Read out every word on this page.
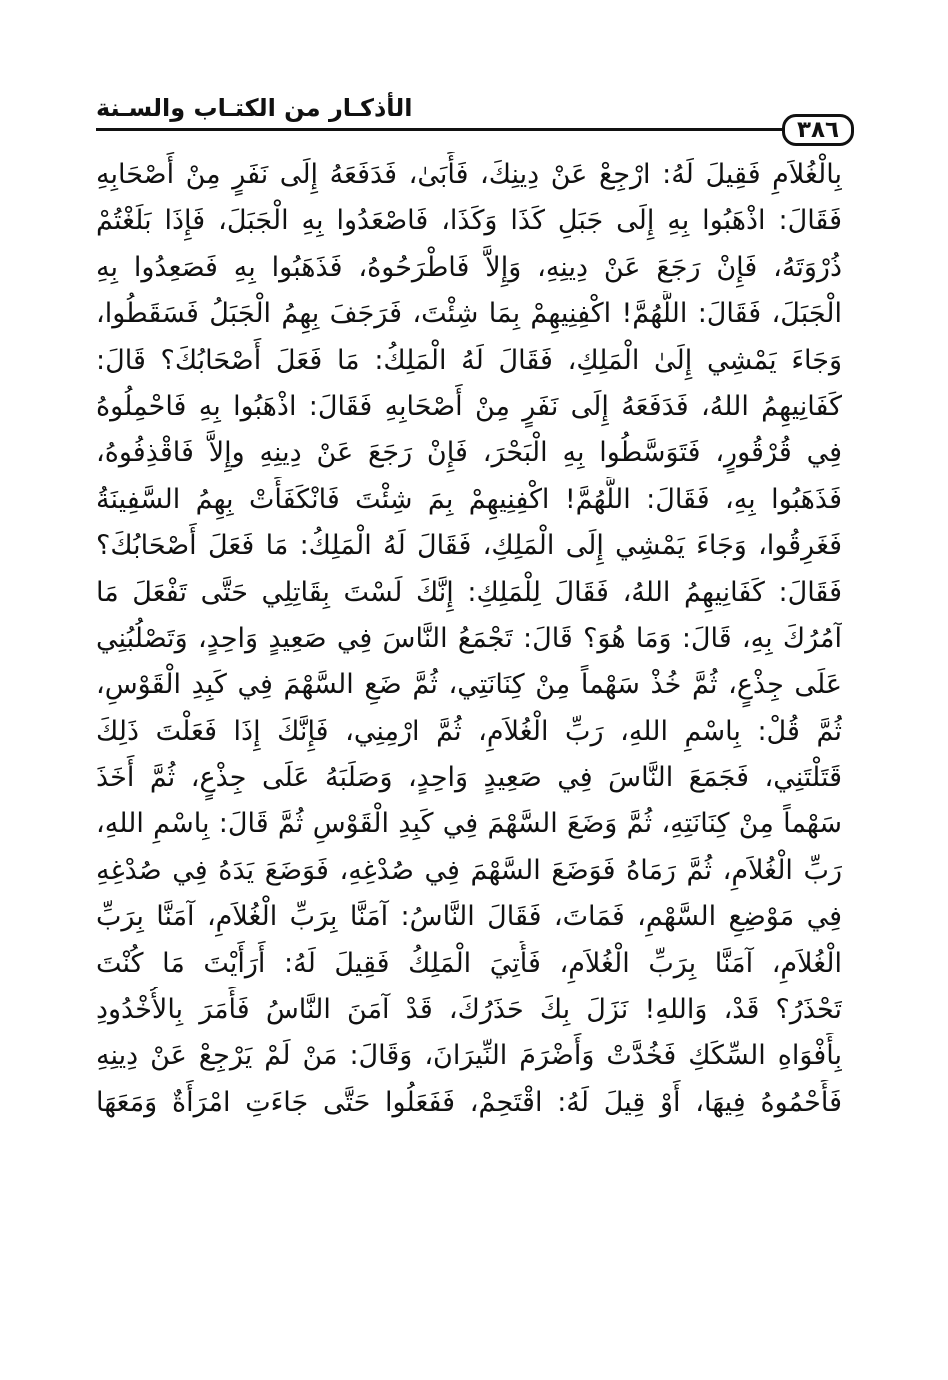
الأذكـار من الكتـاب والسـنة
٣٨٦
بِالْغُلاَمِ فَقِيلَ لَهُ: ارْجِعْ عَنْ دِينِكَ، فَأَبَىٰ، فَدَفَعَهُ إِلَى نَفَرٍ مِنْ أَصْحَابِهِ
فَقَالَ: اذْهَبُوا بِهِ إِلَى جَبَلِ كَذَا وَكَذَا، فَاصْعَدُوا بِهِ الْجَبَلَ، فَإِذَا بَلَغْتُمْ
ذُرْوَتَهُ، فَإِنْ رَجَعَ عَنْ دِينِهِ، وَإِلاَّ فَاطْرَحُوهُ، فَذَهَبُوا بِهِ فَصَعِدُوا بِهِ
الْجَبَلَ، فَقَالَ: اللَّهُمَّ! اكْفِنِيهِمْ بِمَا شِئْتَ، فَرَجَفَ بِهِمُ الْجَبَلُ فَسَقَطُوا،
وَجَاءَ يَمْشِي إِلَىٰ الْمَلِكِ، فَقَالَ لَهُ الْمَلِكُ: مَا فَعَلَ أَصْحَابُكَ؟ قَالَ:
كَفَانِيهِمُ اللهُ، فَدَفَعَهُ إِلَى نَفَرٍ مِنْ أَصْحَابِهِ فَقَالَ: اذْهَبُوا بِهِ فَاحْمِلُوهُ
فِي قُرْقُورٍ، فَتَوَسَّطُوا بِهِ الْبَحْرَ، فَإِنْ رَجَعَ عَنْ دِينِهِ وإِلاَّ فَاقْذِفُوهُ،
فَذَهَبُوا بِهِ، فَقَالَ: اللَّهُمَّ! اكْفِنِيهِمْ بِمَ شِئْتَ فَانْكَفَأَتْ بِهِمُ السَّفِينَةُ
فَغَرِقُوا، وَجَاءَ يَمْشِي إِلَى الْمَلِكِ، فَقَالَ لَهُ الْمَلِكُ: مَا فَعَلَ أَصْحَابُكَ؟
فَقَالَ: كَفَانِيهِمُ اللهُ، فَقَالَ لِلْمَلِكِ: إِنَّكَ لَسْتَ بِقَاتِلِي حَتَّى تَفْعَلَ مَا
آمُرُكَ بِهِ، قَالَ: وَمَا هُوَ؟ قَالَ: تَجْمَعُ النَّاسَ فِي صَعِيدٍ وَاحِدٍ، وَتَصْلُبُنِي
عَلَى جِذْعٍ، ثُمَّ خُذْ سَهْماً مِنْ كِنَانَتِي، ثُمَّ ضَعِ السَّهْمَ فِي كَبِدِ الْقَوْسِ،
ثُمَّ قُلْ: بِاسْمِ اللهِ، رَبِّ الْغُلاَمِ، ثُمَّ ارْمِنِي، فَإِنَّكَ إِذَا فَعَلْتَ ذَلِكَ
قَتَلْتَنِي، فَجَمَعَ النَّاسَ فِي صَعِيدٍ وَاحِدٍ، وَصَلَبَهُ عَلَى جِذْعٍ، ثُمَّ أَخَذَ
سَهْماً مِنْ كِنَانَتِهِ، ثُمَّ وَضَعَ السَّهْمَ فِي كَبِدِ الْقَوْسِ ثُمَّ قَالَ: بِاسْمِ اللهِ،
رَبِّ الْغُلاَمِ، ثُمَّ رَمَاهُ فَوَضَعَ السَّهْمَ فِي صُدْغِهِ، فَوَضَعَ يَدَهُ فِي صُدْغِهِ
فِي مَوْضِعِ السَّهْمِ، فَمَاتَ، فَقَالَ النَّاسُ: آمَنَّا بِرَبِّ الْغُلاَمِ، آمَنَّا بِرَبِّ
الْغُلاَمِ، آمَنَّا بِرَبِّ الْغُلاَمِ، فَأُتِيَ الْمَلِكُ فَقِيلَ لَهُ: أَرَأَيْتَ مَا كُنْتَ
تَحْذَرُ؟ قَدْ، وَاللهِ! نَزَلَ بِكَ حَذَرُكَ، قَدْ آمَنَ النَّاسُ فَأَمَرَ بِالأُخْدُودِ
بِأَفْوَاهِ السِّكَكِ فَخُدَّتْ وَأَضْرَمَ النِّيرَانَ، وَقَالَ: مَنْ لَمْ يَرْجِعْ عَنْ دِينِهِ
فَأَحْمُوهُ فِيهَا، أَوْ قِيلَ لَهُ: اقْتَحِمْ، فَفَعَلُوا حَتَّى جَاءَتِ امْرَأَةٌ وَمَعَهَا
